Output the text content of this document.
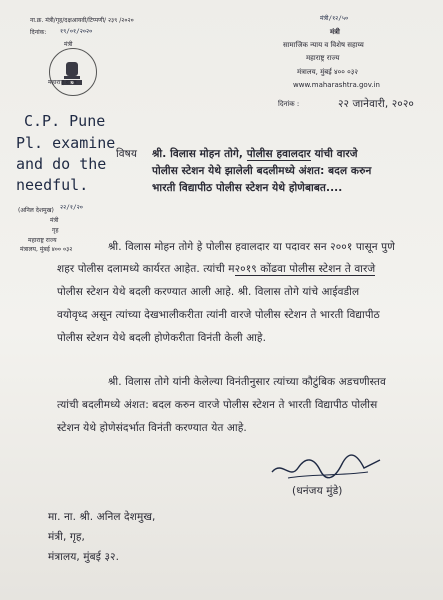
ना.क्र. मंत्री/गृह/दक्षआयवी/टिप्पणी/ २३९ /२०२०
दिनांक: १९/०१/२०२०
महाराष्ट्र राज्य
मंत्री
मंत्री/१२/५०
मंत्री
सामाजिक न्याय व विशेष सहाय्य
महाराष्ट्र राज्य
मंत्रालय, मुंबई ४०० ०३२
www.maharashtra.gov.in
दिनांक :	२२ जानेवारी, २०२०
C.P. Pune
Pl. examine
and do the
needful.
(अनिल देशमुख) २२/१/२०
मंत्री
गृह
महाराष्ट्र राज्य
मंत्रालय, मुंबई ४०० ०३२
विषय श्री. विलास मोहन तोगे, पोलीस हवालदार यांची वारजे
पोलीस स्टेशन येथे झालेली बदलीमध्ये अंशत: बदल करुन
भारती विद्यापीठ पोलीस स्टेशन येथे होणेबाबत....
श्री. विलास मोहन तोगे हे पोलीस हवालदार या पदावर सन २००१ पासून पुणे
शहर पोलीस दलामध्ये कार्यरत आहेत. त्यांची म२०१९ कोंढवा पोलीस स्टेशन ते वारजे
पोलीस स्टेशन येथे बदली करण्यात आली आहे. श्री. विलास तोगे यांचे आईवडील
वयोवृध्द असून त्यांच्या देखभालीकरीता त्यांनी वारजे पोलीस स्टेशन ते भारती विद्यापीठ
पोलीस स्टेशन येथे बदली होणेकरीता विनंती केली आहे.
श्री. विलास तोगे यांनी केलेल्या विनंतीनुसार त्यांच्या कौटुंबिक अडचणीस्तव
त्यांची बदलीमध्ये अंशत: बदल करुन वारजे पोलीस स्टेशन ते भारती विद्यापीठ पोलीस
स्टेशन येथे होणेसंदर्भात विनंती करण्यात येत आहे.
(धनंजय मुंडे)
मा. ना. श्री. अनिल देशमुख,
मंत्री, गृह,
मंत्रालय, मुंबई ३२.
